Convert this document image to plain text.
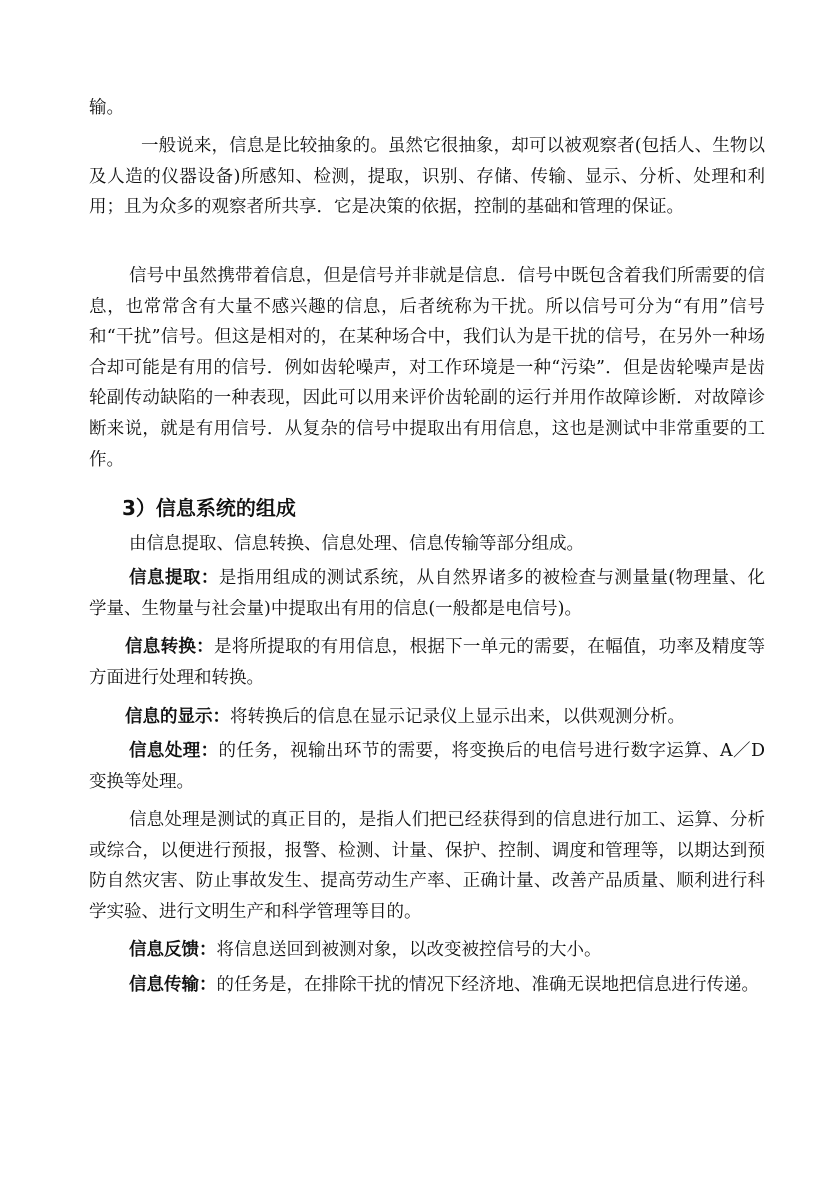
输。

一般说来，信息是比较抽象的。虽然它很抽象，却可以被观察者(包括人、生物以及人造的仪器设备)所感知、检测，提取，识别、存储、传输、显示、分析、处理和利用；且为众多的观察者所共享．它是决策的依据，控制的基础和管理的保证。

信号中虽然携带着信息，但是信号并非就是信息．信号中既包含着我们所需要的信息，也常常含有大量不感兴趣的信息，后者统称为干扰。所以信号可分为“有用”信号和“干扰”信号。但这是相对的，在某种场合中，我们认为是干扰的信号，在另外一种场合却可能是有用的信号．例如齿轮噪声，对工作环境是一种“污染”．但是齿轮噪声是齿轮副传动缺陷的一种表现，因此可以用来评价齿轮副的运行并用作故障诊断．对故障诊断来说，就是有用信号．从复杂的信号中提取出有用信息，这也是测试中非常重要的工作。

3）信息系统的组成

由信息提取、信息转换、信息处理、信息传输等部分组成。

信息提取：是指用组成的测试系统，从自然界诸多的被检查与测量量(物理量、化学量、生物量与社会量)中提取出有用的信息(一般都是电信号)。

信息转换：是将所提取的有用信息，根据下一单元的需要，在幅值，功率及精度等方面进行处理和转换。

信息的显示：将转换后的信息在显示记录仪上显示出来，以供观测分析。

信息处理：的任务，视输出环节的需要，将变换后的电信号进行数字运算、A／D 变换等处理。

信息处理是测试的真正目的，是指人们把已经获得到的信息进行加工、运算、分析或综合，以便进行预报，报警、检测、计量、保护、控制、调度和管理等，以期达到预防自然灾害、防止事故发生、提高劳动生产率、正确计量、改善产品质量、顺利进行科学实验、进行文明生产和科学管理等目的。

信息反馈：将信息送回到被测对象，以改变被控信号的大小。

信息传输：的任务是，在排除干扰的情况下经济地、准确无误地把信息进行传递。
